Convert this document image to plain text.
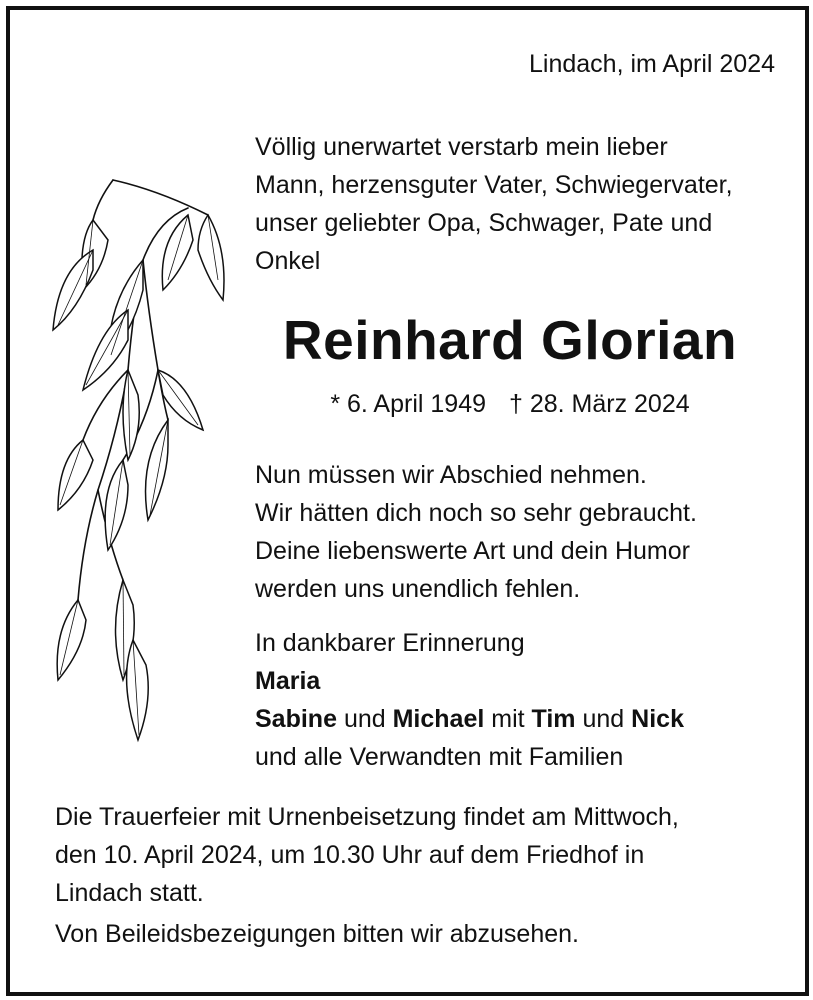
Lindach, im April 2024
Völlig unerwartet verstarb mein lieber
Mann, herzensguter Vater, Schwiegervater,
unser geliebter Opa, Schwager, Pate und
Onkel
Reinhard Glorian
* 6. April 1949 † 28. März 2024
Nun müssen wir Abschied nehmen.
Wir hätten dich noch so sehr gebraucht.
Deine liebenswerte Art und dein Humor
werden uns unendlich fehlen.
In dankbarer Erinnerung
Maria
Sabine und Michael mit Tim und Nick
und alle Verwandten mit Familien
Die Trauerfeier mit Urnenbeisetzung findet am Mittwoch,
den 10. April 2024, um 10.30 Uhr auf dem Friedhof in
Lindach statt.
Von Beileidsbezeigungen bitten wir abzusehen.
